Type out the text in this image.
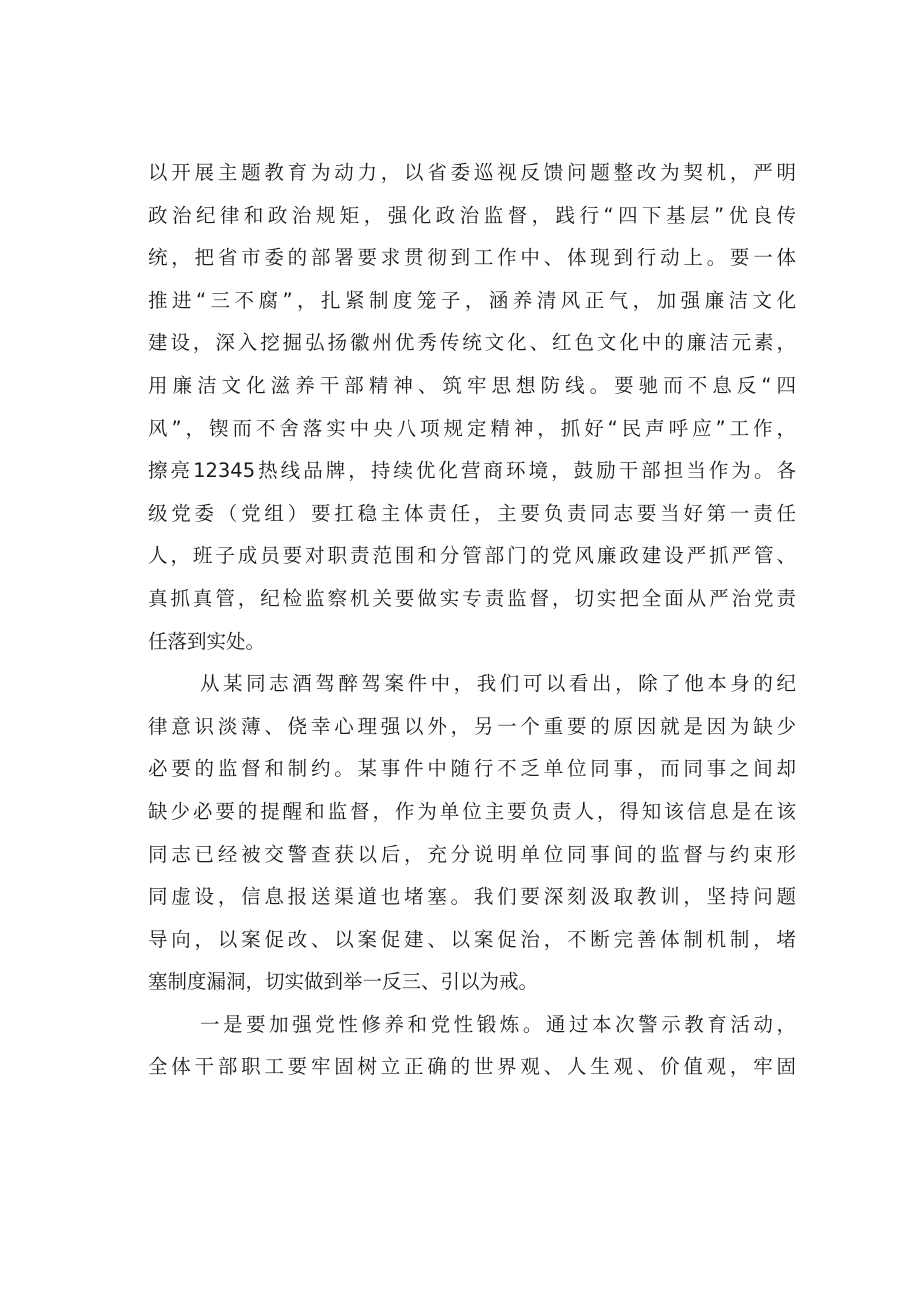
以开展主题教育为动力，以省委巡视反馈问题整改为契机，严明
政治纪律和政治规矩，强化政治监督，践行“四下基层”优良传
统，把省市委的部署要求贯彻到工作中、体现到行动上。要一体
推进“三不腐”，扎紧制度笼子，涵养清风正气，加强廉洁文化
建设，深入挖掘弘扬徽州优秀传统文化、红色文化中的廉洁元素，
用廉洁文化滋养干部精神、筑牢思想防线。要驰而不息反“四
风”，锲而不舍落实中央八项规定精神，抓好“民声呼应”工作，
擦亮12345热线品牌，持续优化营商环境，鼓励干部担当作为。各
级党委（党组）要扛稳主体责任，主要负责同志要当好第一责任
人，班子成员要对职责范围和分管部门的党风廉政建设严抓严管、
真抓真管，纪检监察机关要做实专责监督，切实把全面从严治党责
任落到实处。
从某同志酒驾醉驾案件中，我们可以看出，除了他本身的纪
律意识淡薄、侥幸心理强以外，另一个重要的原因就是因为缺少
必要的监督和制约。某事件中随行不乏单位同事，而同事之间却
缺少必要的提醒和监督，作为单位主要负责人，得知该信息是在该
同志已经被交警查获以后，充分说明单位同事间的监督与约束形
同虚设，信息报送渠道也堵塞。我们要深刻汲取教训，坚持问题
导向，以案促改、以案促建、以案促治，不断完善体制机制，堵
塞制度漏洞，切实做到举一反三、引以为戒。
一是要加强党性修养和党性锻炼。通过本次警示教育活动，
全体干部职工要牢固树立正确的世界观、人生观、价值观，牢固
